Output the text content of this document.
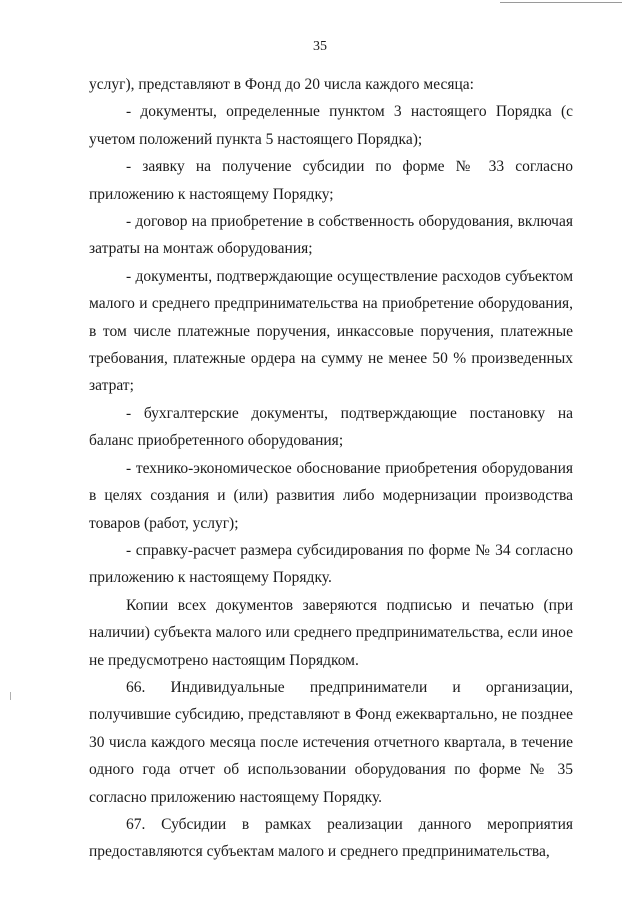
35

услуг), представляют в Фонд до 20 числа каждого месяца:

- документы, определенные пунктом 3 настоящего Порядка (с учетом положений пункта 5 настоящего Порядка);

- заявку на получение субсидии по форме № 33 согласно приложению к настоящему Порядку;

- договор на приобретение в собственность оборудования, включая затраты на монтаж оборудования;

- документы, подтверждающие осуществление расходов субъектом малого и среднего предпринимательства на приобретение оборудования, в том числе платежные поручения, инкассовые поручения, платежные требования, платежные ордера на сумму не менее 50 % произведенных затрат;

- бухгалтерские документы, подтверждающие постановку на баланс приобретенного оборудования;

- технико-экономическое обоснование приобретения оборудования в целях создания и (или) развития либо модернизации производства товаров (работ, услуг);

- справку-расчет размера субсидирования по форме № 34 согласно приложению к настоящему Порядку.

Копии всех документов заверяются подписью и печатью (при наличии) субъекта малого или среднего предпринимательства, если иное не предусмотрено настоящим Порядком.

66. Индивидуальные предприниматели и организации, получившие субсидию, представляют в Фонд ежеквартально, не позднее 30 числа каждого месяца после истечения отчетного квартала, в течение одного года отчет об использовании оборудования по форме № 35 согласно приложению настоящему Порядку.

67. Субсидии в рамках реализации данного мероприятия предоставляются субъектам малого и среднего предпринимательства,
